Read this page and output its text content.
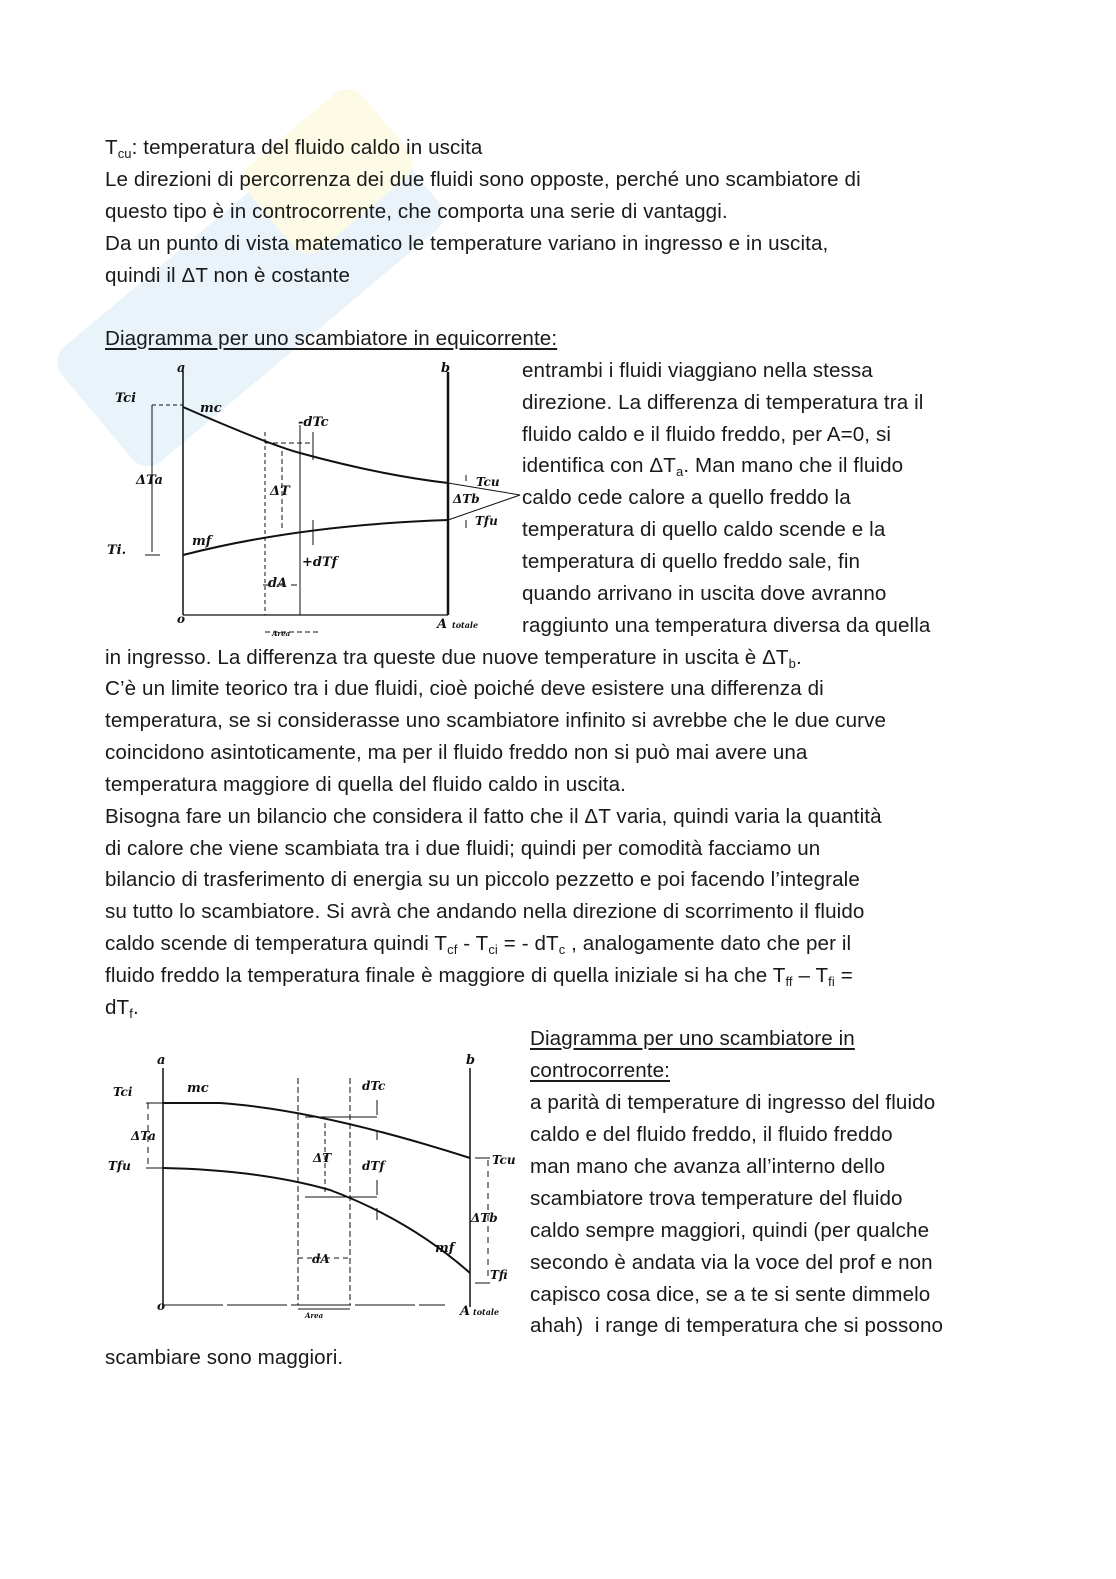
$T_{cu}$: temperatura del fluido caldo in uscita
Le direzioni di percorrenza dei due fluidi sono opposte, perché uno scambiatore di
questo tipo è in controcorrente, che comporta una serie di vantaggi.
Da un punto di vista matematico le temperature variano in ingresso e in uscita,
quindi il ΔT non è costante
Diagramma per uno scambiatore in equicorrente:
entrambi i fluidi viaggiano nella stessa
direzione. La differenza di temperatura tra il
fluido caldo e il fluido freddo, per A=0, si
identifica con $\Delta T_a$. Man mano che il fluido
caldo cede calore a quello freddo la
temperatura di quello caldo scende e la
temperatura di quello freddo sale, fin
quando arrivano in uscita dove avranno
raggiunto una temperatura diversa da quella
in ingresso. La differenza tra queste due nuove temperature in uscita è $\Delta T_b$.
C’è un limite teorico tra i due fluidi, cioè poiché deve esistere una differenza di
temperatura, se si considerasse uno scambiatore infinito si avrebbe che le due curve
coincidono asintoticamente, ma per il fluido freddo non si può mai avere una
temperatura maggiore di quella del fluido caldo in uscita.
Bisogna fare un bilancio che considera il fatto che il ΔT varia, quindi varia la quantità
di calore che viene scambiata tra i due fluidi; quindi per comodità facciamo un
bilancio di trasferimento di energia su un piccolo pezzetto e poi facendo l’integrale
su tutto lo scambiatore. Si avrà che andando nella direzione di scorrimento il fluido
caldo scende di temperatura quindi $T_{cf} - T_{ci}$ = - $dT_c$ , analogamente dato che per il
fluido freddo la temperatura finale è maggiore di quella iniziale si ha che $T_{ff} - T_{fi}$ =
$dT_f$.
Diagramma per uno scambiatore in
controcorrente:
a parità di temperature di ingresso del fluido
caldo e del fluido freddo, il fluido freddo
man mano che avanza all’interno dello
scambiatore trova temperature del fluido
caldo sempre maggiori, quindi (per qualche
secondo è andata via la voce del prof e non
capisco cosa dice, se a te si sente dimmelo
ahah)  i range di temperatura che si possono
scambiare sono maggiori.
a	b
o
Tci
ΔTa
Ti.
mc
mf
-dTc
ΔT
+dTf
dA
Tcu
ΔTb
Tfu
A totale
Area
a	b
o
Tci
ΔTa
Tfu
mc
mf
dTc
ΔT
dTf
dA
Tcu
ΔTb
Tfi
A totale
Area
